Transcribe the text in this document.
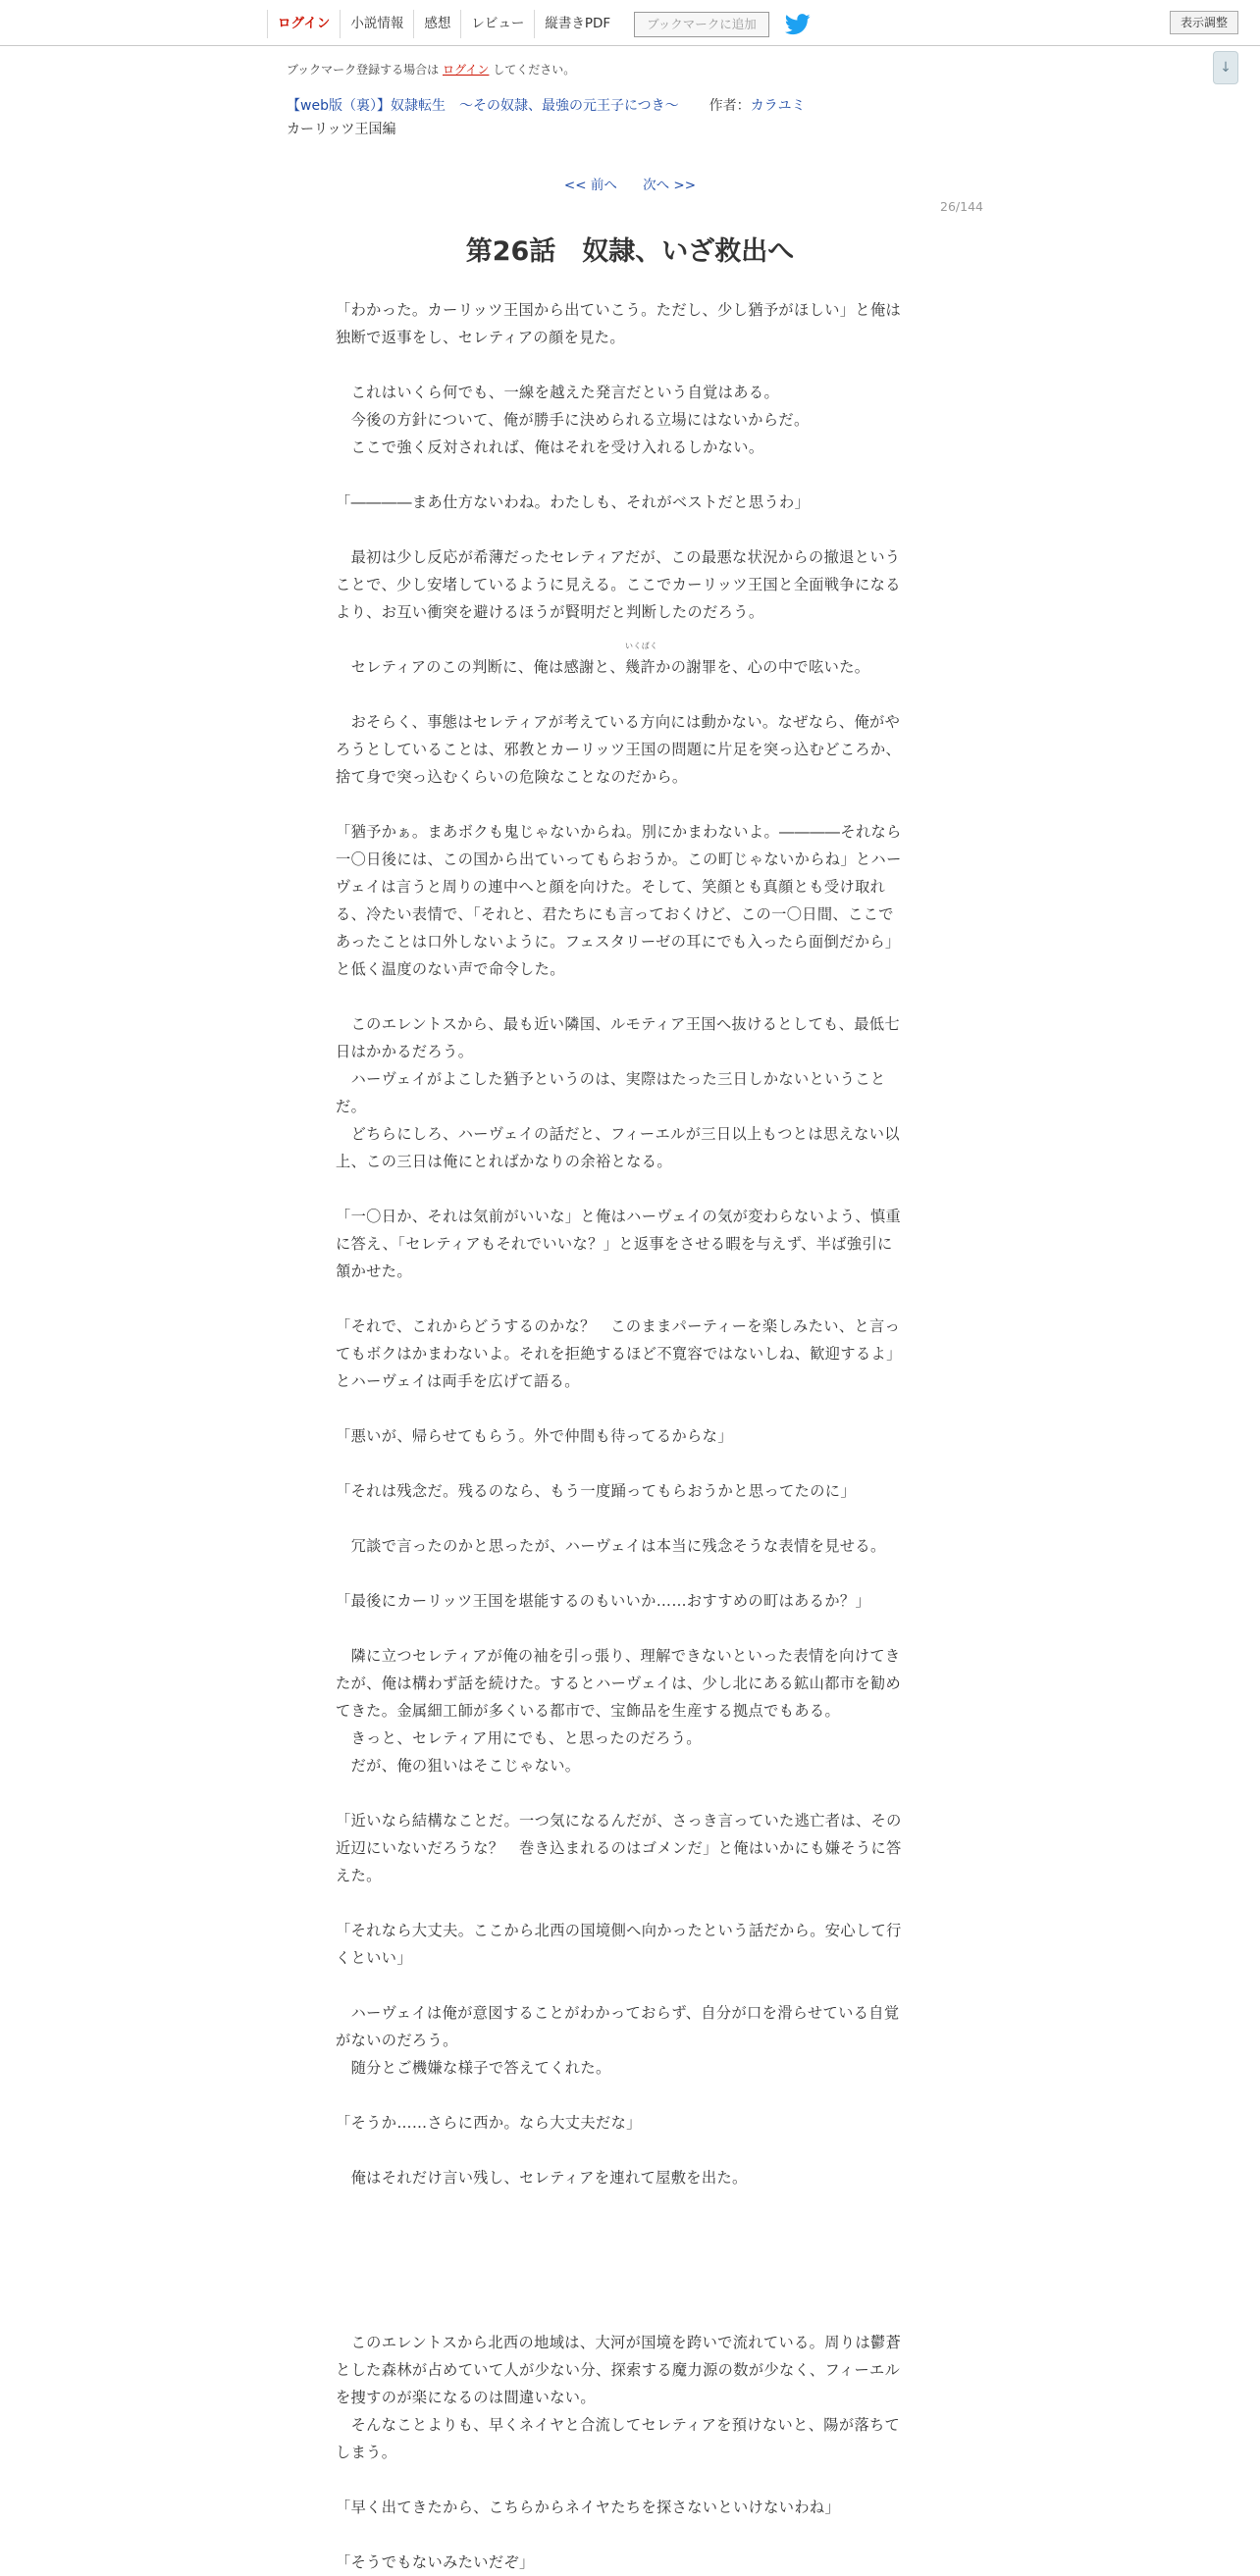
ログイン	小説情報	感想	レビュー	縦書きPDF	ブックマークに追加	表示調整
↓
ブックマーク登録する場合は ログイン してください。
【web版（裏）】奴隷転生　～その奴隷、最強の元王子につき～ 作者：カラユミ
カーリッツ王国編
<< 前へ 次へ >>
26/144
第26話　奴隷、いざ救出へ
「わかった。カーリッツ王国から出ていこう。ただし、少し猶予がほしい」と俺は
独断で返事をし、セレティアの顔を見た。
　これはいくら何でも、一線を越えた発言だという自覚はある。
　今後の方針について、俺が勝手に決められる立場にはないからだ。
　ここで強く反対されれば、俺はそれを受け入れるしかない。
「――――まあ仕方ないわね。わたしも、それがベストだと思うわ」
　最初は少し反応が希薄だったセレティアだが、この最悪な状況からの撤退という
ことで、少し安堵しているように見える。ここでカーリッツ王国と全面戦争になる
より、お互い衝突を避けるほうが賢明だと判断したのだろう。
　セレティアのこの判断に、俺は感謝と、
いくばく
幾許かの謝罪を、心の中で呟いた。
　おそらく、事態はセレティアが考えている方向には動かない。なぜなら、俺がや
ろうとしていることは、邪教とカーリッツ王国の問題に片足を突っ込むどころか、
捨て身で突っ込むくらいの危険なことなのだから。
「猶予かぁ。まあボクも鬼じゃないからね。別にかまわないよ。――――それなら
一〇日後には、この国から出ていってもらおうか。この町じゃないからね」とハー
ヴェイは言うと周りの連中へと顔を向けた。そして、笑顔とも真顔とも受け取れ
る、冷たい表情で、「それと、君たちにも言っておくけど、この一〇日間、ここで
あったことは口外しないように。フェスタリーゼの耳にでも入ったら面倒だから」
と低く温度のない声で命令した。
　このエレントスから、最も近い隣国、ルモティア王国へ抜けるとしても、最低七
日はかかるだろう。
　ハーヴェイがよこした猶予というのは、実際はたった三日しかないということ
だ。
　どちらにしろ、ハーヴェイの話だと、フィーエルが三日以上もつとは思えない以
上、この三日は俺にとればかなりの余裕となる。
「一〇日か、それは気前がいいな」と俺はハーヴェイの気が変わらないよう、慎重
に答え、「セレティアもそれでいいな？」と返事をさせる暇を与えず、半ば強引に
頷かせた。
「それで、これからどうするのかな？　このままパーティーを楽しみたい、と言っ
てもボクはかまわないよ。それを拒絶するほど不寛容ではないしね、歓迎するよ」
とハーヴェイは両手を広げて語る。
「悪いが、帰らせてもらう。外で仲間も待ってるからな」
「それは残念だ。残るのなら、もう一度踊ってもらおうかと思ってたのに」
　冗談で言ったのかと思ったが、ハーヴェイは本当に残念そうな表情を見せる。
「最後にカーリッツ王国を堪能するのもいいか……おすすめの町はあるか？」
　隣に立つセレティアが俺の袖を引っ張り、理解できないといった表情を向けてき
たが、俺は構わず話を続けた。するとハーヴェイは、少し北にある鉱山都市を勧め
てきた。金属細工師が多くいる都市で、宝飾品を生産する拠点でもある。
　きっと、セレティア用にでも、と思ったのだろう。
　だが、俺の狙いはそこじゃない。
「近いなら結構なことだ。一つ気になるんだが、さっき言っていた逃亡者は、その
近辺にいないだろうな？　巻き込まれるのはゴメンだ」と俺はいかにも嫌そうに答
えた。
「それなら大丈夫。ここから北西の国境側へ向かったという話だから。安心して行
くといい」
　ハーヴェイは俺が意図することがわかっておらず、自分が口を滑らせている自覚
がないのだろう。
　随分とご機嫌な様子で答えてくれた。
「そうか……さらに西か。なら大丈夫だな」
　俺はそれだけ言い残し、セレティアを連れて屋敷を出た。
　このエレントスから北西の地域は、大河が国境を跨いで流れている。周りは鬱蒼
とした森林が占めていて人が少ない分、探索する魔力源の数が少なく、フィーエル
を捜すのが楽になるのは間違いない。
　そんなことよりも、早くネイヤと合流してセレティアを預けないと、陽が落ちて
しまう。
「早く出てきたから、こちらからネイヤたちを探さないといけないわね」
「そうでもないみたいだぞ」
